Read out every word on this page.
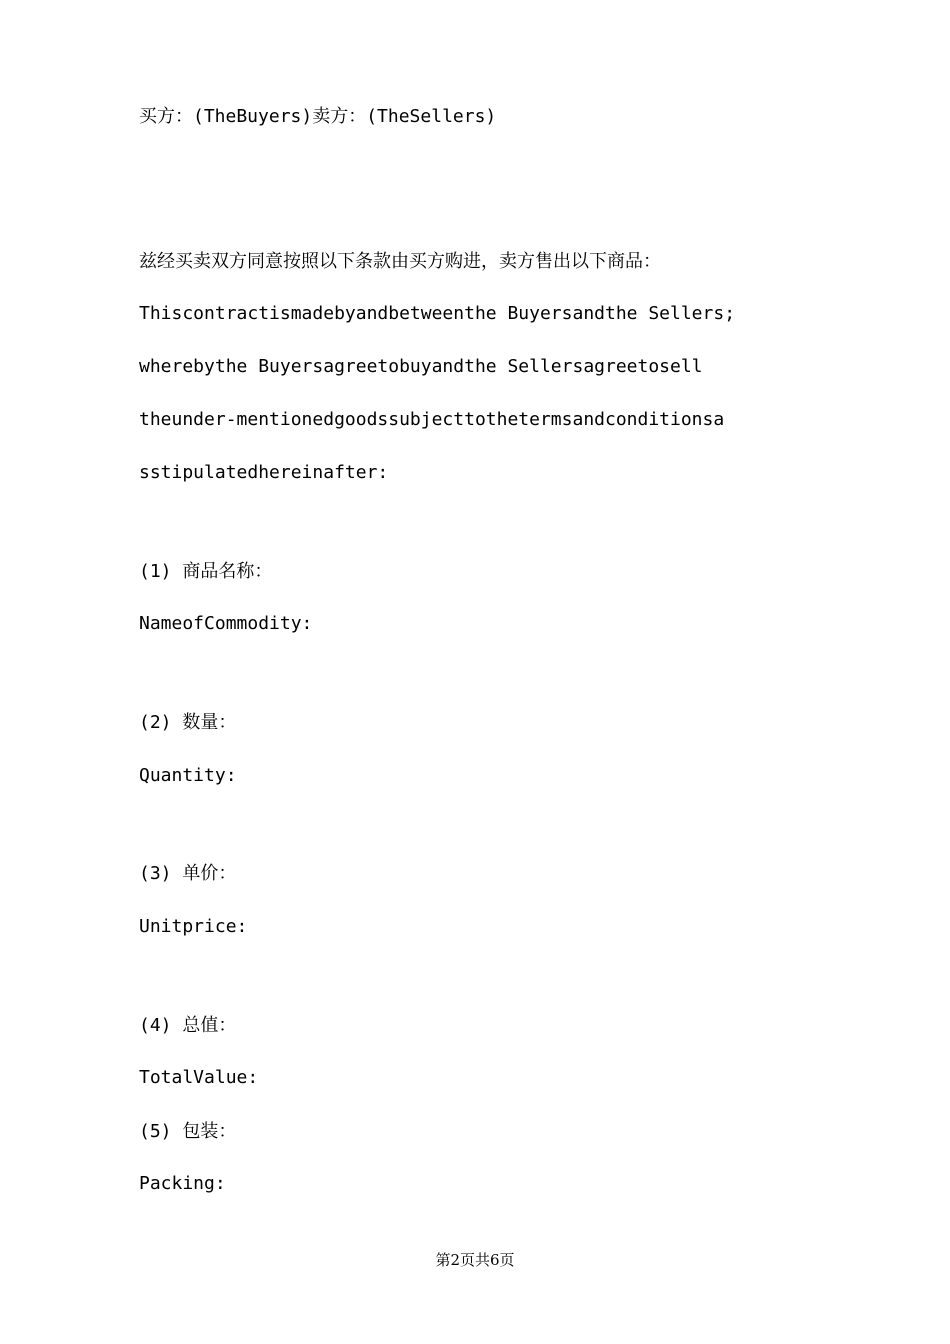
买方：(TheBuyers)卖方：(TheSellers)
兹经买卖双方同意按照以下条款由买方购进，卖方售出以下商品：
Thiscontractismadebyandbetweenthe Buyersandthe Sellers;
wherebythe Buyersagreetobuyandthe Sellersagreetosell
theunder-mentionedgoodssubjecttothetermsandconditionsa
sstipulatedhereinafter:
(1) 商品名称：
NameofCommodity:
(2) 数量：
Quantity:
(3) 单价：
Unitprice:
(4) 总值：
TotalValue:
(5) 包装：
Packing:
第2页共6页
